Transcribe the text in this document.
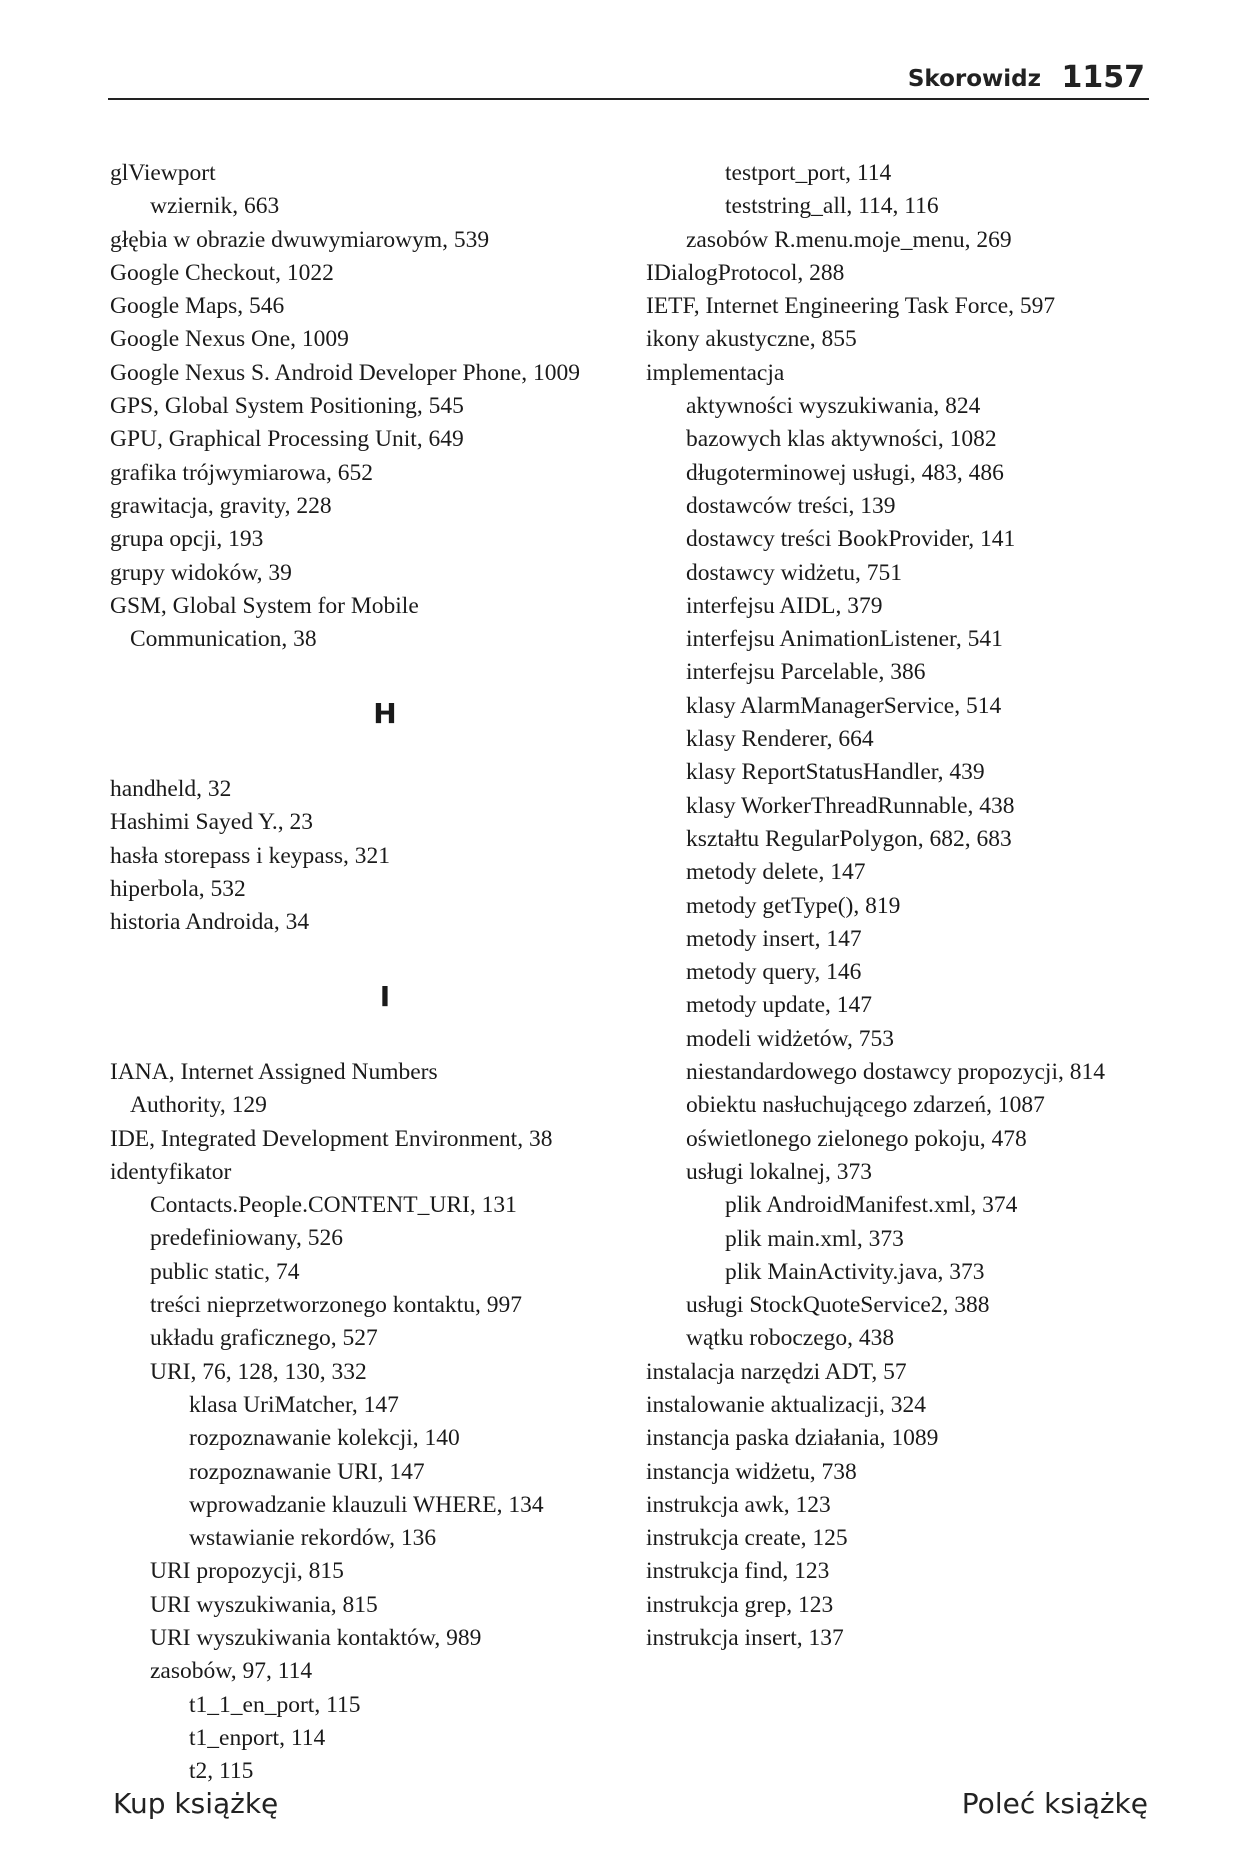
Skorowidz 1157
glViewport
wziernik, 663
głębia w obrazie dwuwymiarowym, 539
Google Checkout, 1022
Google Maps, 546
Google Nexus One, 1009
Google Nexus S. Android Developer Phone, 1009
GPS, Global System Positioning, 545
GPU, Graphical Processing Unit, 649
grafika trójwymiarowa, 652
grawitacja, gravity, 228
grupa opcji, 193
grupy widoków, 39
GSM, Global System for Mobile
Communication, 38
H
handheld, 32
Hashimi Sayed Y., 23
hasła storepass i keypass, 321
hiperbola, 532
historia Androida, 34
I
IANA, Internet Assigned Numbers
Authority, 129
IDE, Integrated Development Environment, 38
identyfikator
Contacts.People.CONTENT_URI, 131
predefiniowany, 526
public static, 74
treści nieprzetworzonego kontaktu, 997
układu graficznego, 527
URI, 76, 128, 130, 332
klasa UriMatcher, 147
rozpoznawanie kolekcji, 140
rozpoznawanie URI, 147
wprowadzanie klauzuli WHERE, 134
wstawianie rekordów, 136
URI propozycji, 815
URI wyszukiwania, 815
URI wyszukiwania kontaktów, 989
zasobów, 97, 114
t1_1_en_port, 115
t1_enport, 114
t2, 115
testport_port, 114
teststring_all, 114, 116
zasobów R.menu.moje_menu, 269
IDialogProtocol, 288
IETF, Internet Engineering Task Force, 597
ikony akustyczne, 855
implementacja
aktywności wyszukiwania, 824
bazowych klas aktywności, 1082
długoterminowej usługi, 483, 486
dostawców treści, 139
dostawcy treści BookProvider, 141
dostawcy widżetu, 751
interfejsu AIDL, 379
interfejsu AnimationListener, 541
interfejsu Parcelable, 386
klasy AlarmManagerService, 514
klasy Renderer, 664
klasy ReportStatusHandler, 439
klasy WorkerThreadRunnable, 438
kształtu RegularPolygon, 682, 683
metody delete, 147
metody getType(), 819
metody insert, 147
metody query, 146
metody update, 147
modeli widżetów, 753
niestandardowego dostawcy propozycji, 814
obiektu nasłuchującego zdarzeń, 1087
oświetlonego zielonego pokoju, 478
usługi lokalnej, 373
plik AndroidManifest.xml, 374
plik main.xml, 373
plik MainActivity.java, 373
usługi StockQuoteService2, 388
wątku roboczego, 438
instalacja narzędzi ADT, 57
instalowanie aktualizacji, 324
instancja paska działania, 1089
instancja widżetu, 738
instrukcja awk, 123
instrukcja create, 125
instrukcja find, 123
instrukcja grep, 123
instrukcja insert, 137
Kup książkę	Poleć książkę
